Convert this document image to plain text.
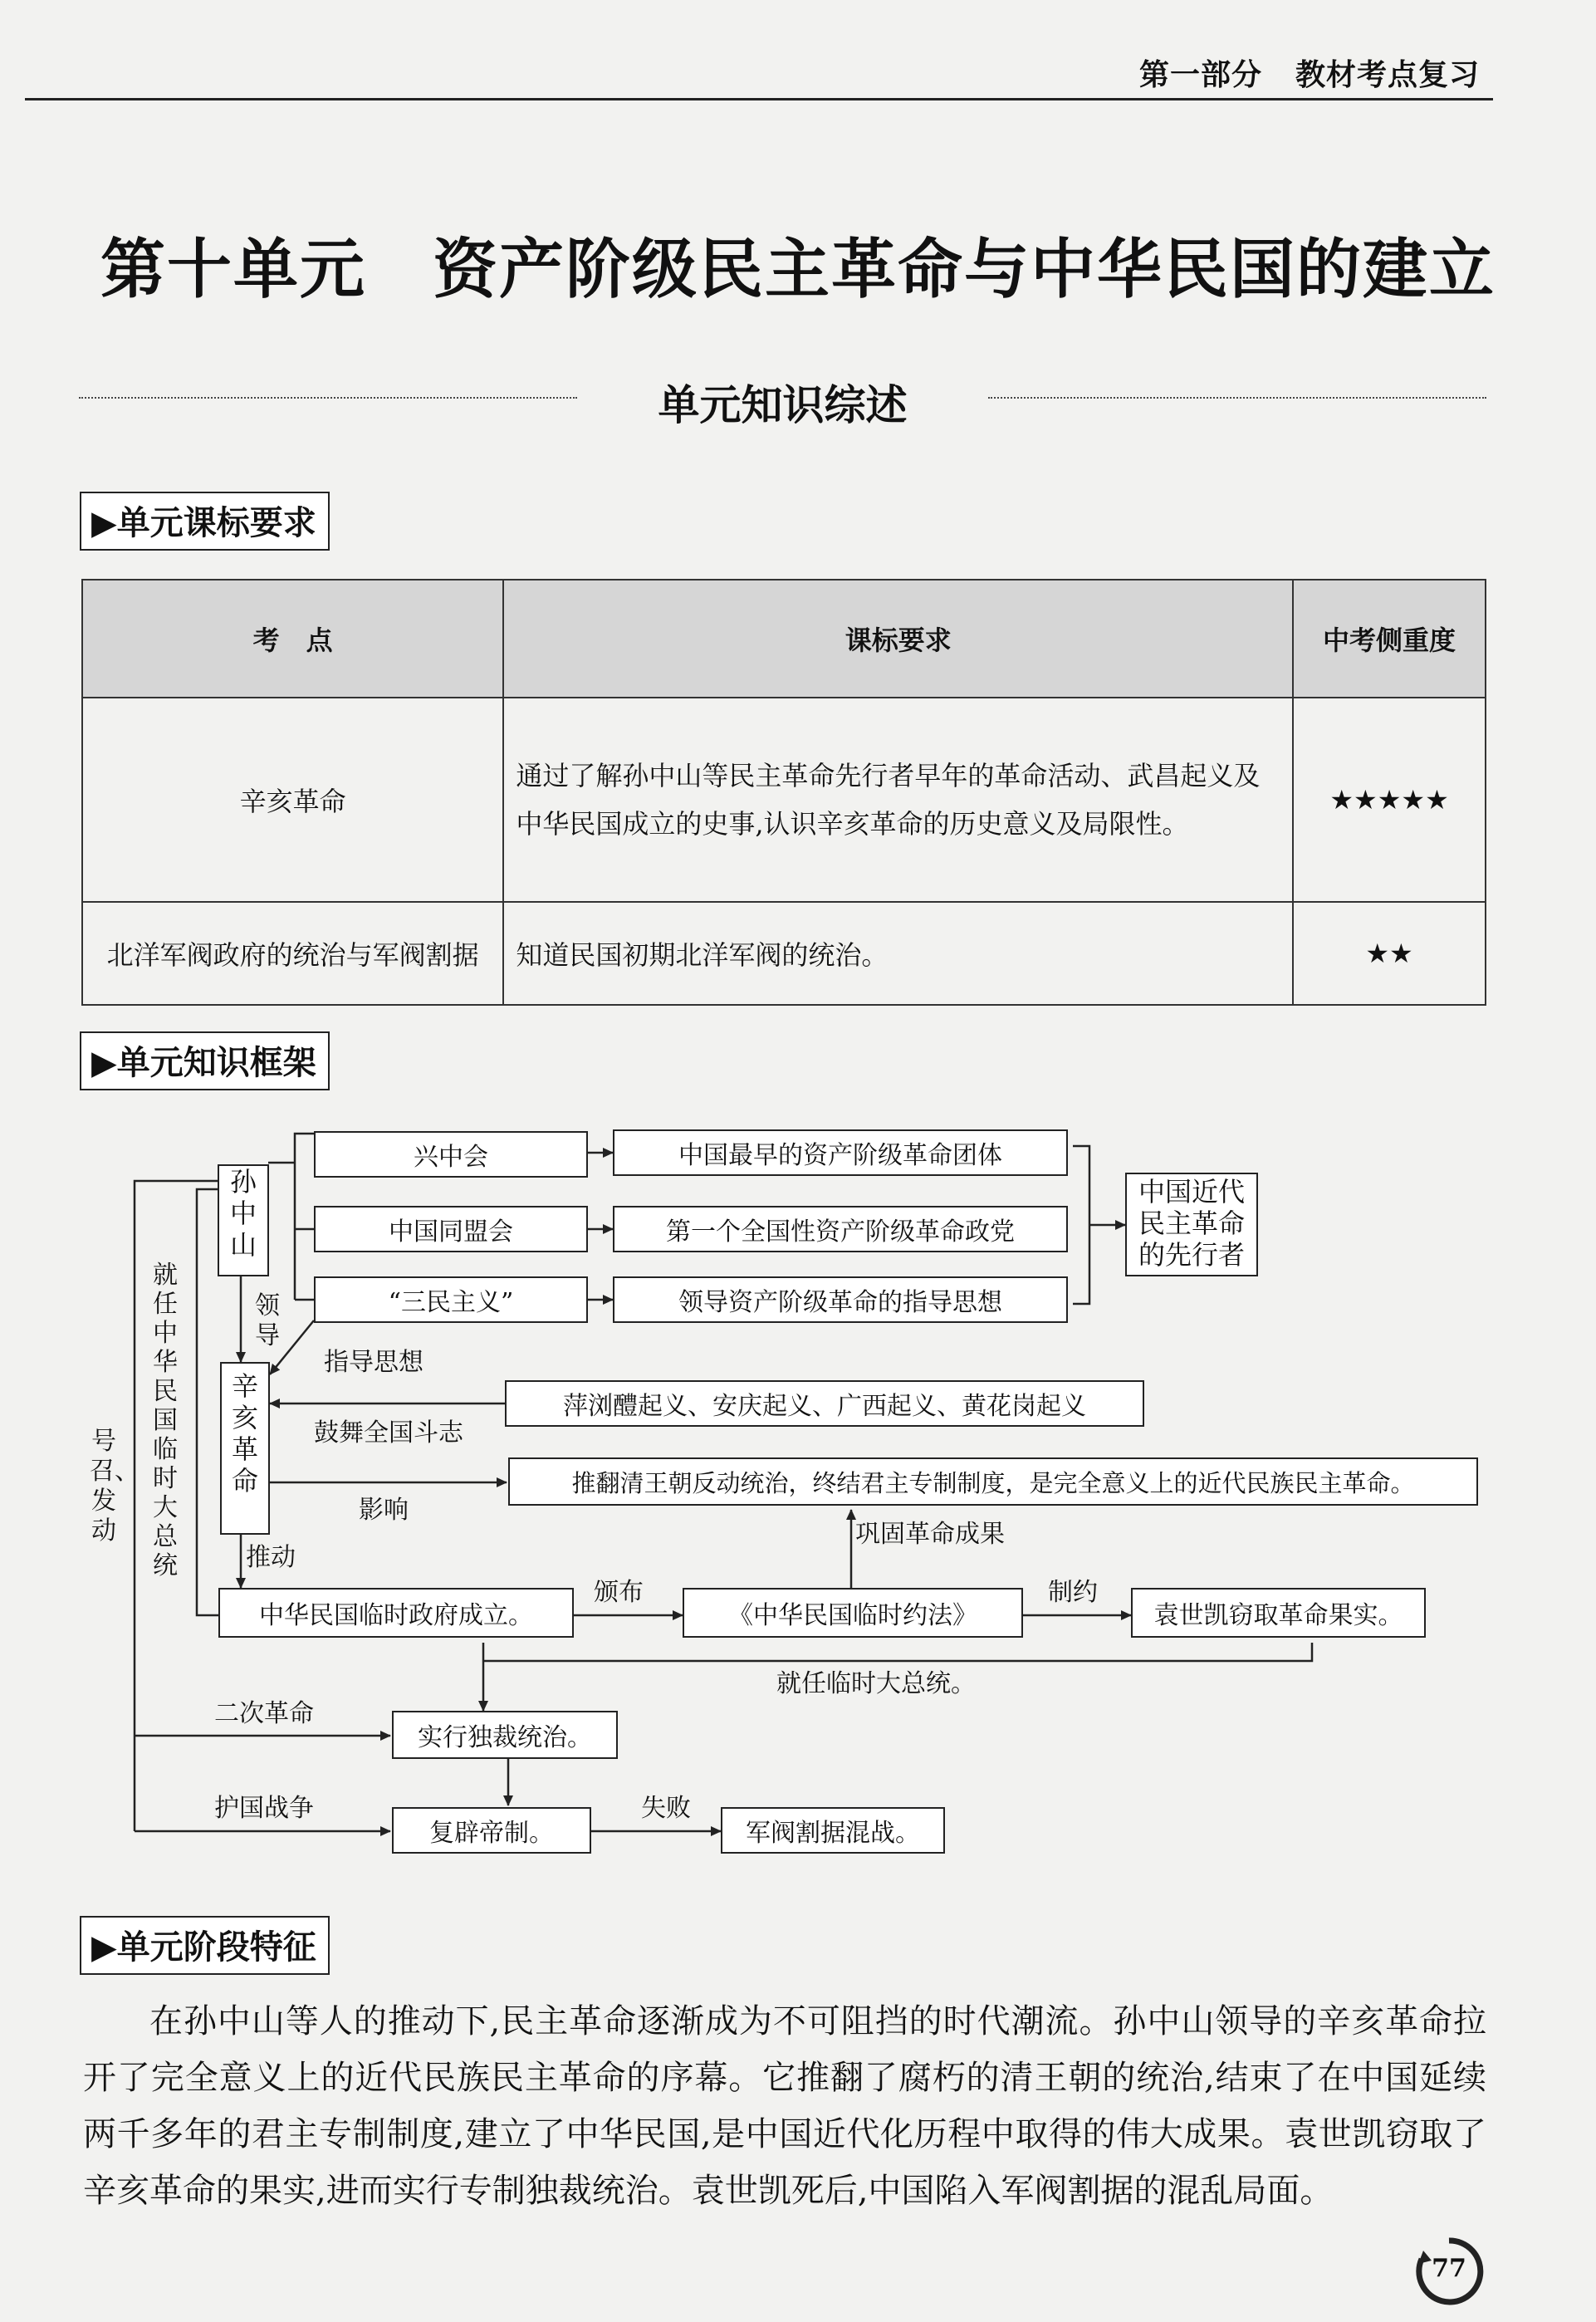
第一部分 教材考点复习
第十单元　资产阶级民主革命与中华民国的建立
单元知识综述
▶单元课标要求
考　点	课标要求	中考侧重度
辛亥革命	通过了解孙中山等民主革命先行者早年的革命活动、武昌起义及中华民国成立的史事,认识辛亥革命的历史意义及局限性。	★★★★★
北洋军阀政府的统治与军阀割据	知道民国初期北洋军阀的统治。	★★
▶单元知识框架
孙中山
兴中会
中国同盟会
“三民主义”
中国最早的资产阶级革命团体
第一个全国性资产阶级革命政党
领导资产阶级革命的指导思想
中国近代民主革命的先行者
领导
指导思想
辛亥革命
萍浏醴起义、安庆起义、广西起义、黄花岗起义
鼓舞全国斗志
影响
推翻清王朝反动统治，终结君主专制制度，是完全意义上的近代民族民主革命。
巩固革命成果
推动
就任中华民国临时大总统
号召、发动
中华民国临时政府成立。
颁布
《中华民国临时约法》
制约
袁世凯窃取革命果实。
就任临时大总统。
二次革命
实行独裁统治。
护国战争
复辟帝制。
失败
军阀割据混战。
▶单元阶段特征
在孙中山等人的推动下,民主革命逐渐成为不可阻挡的时代潮流。孙中山领导的辛亥革命拉开了完全意义上的近代民族民主革命的序幕。它推翻了腐朽的清王朝的统治,结束了在中国延续两千多年的君主专制制度,建立了中华民国,是中国近代化历程中取得的伟大成果。袁世凯窃取了辛亥革命的果实,进而实行专制独裁统治。袁世凯死后,中国陷入军阀割据的混乱局面。
77
